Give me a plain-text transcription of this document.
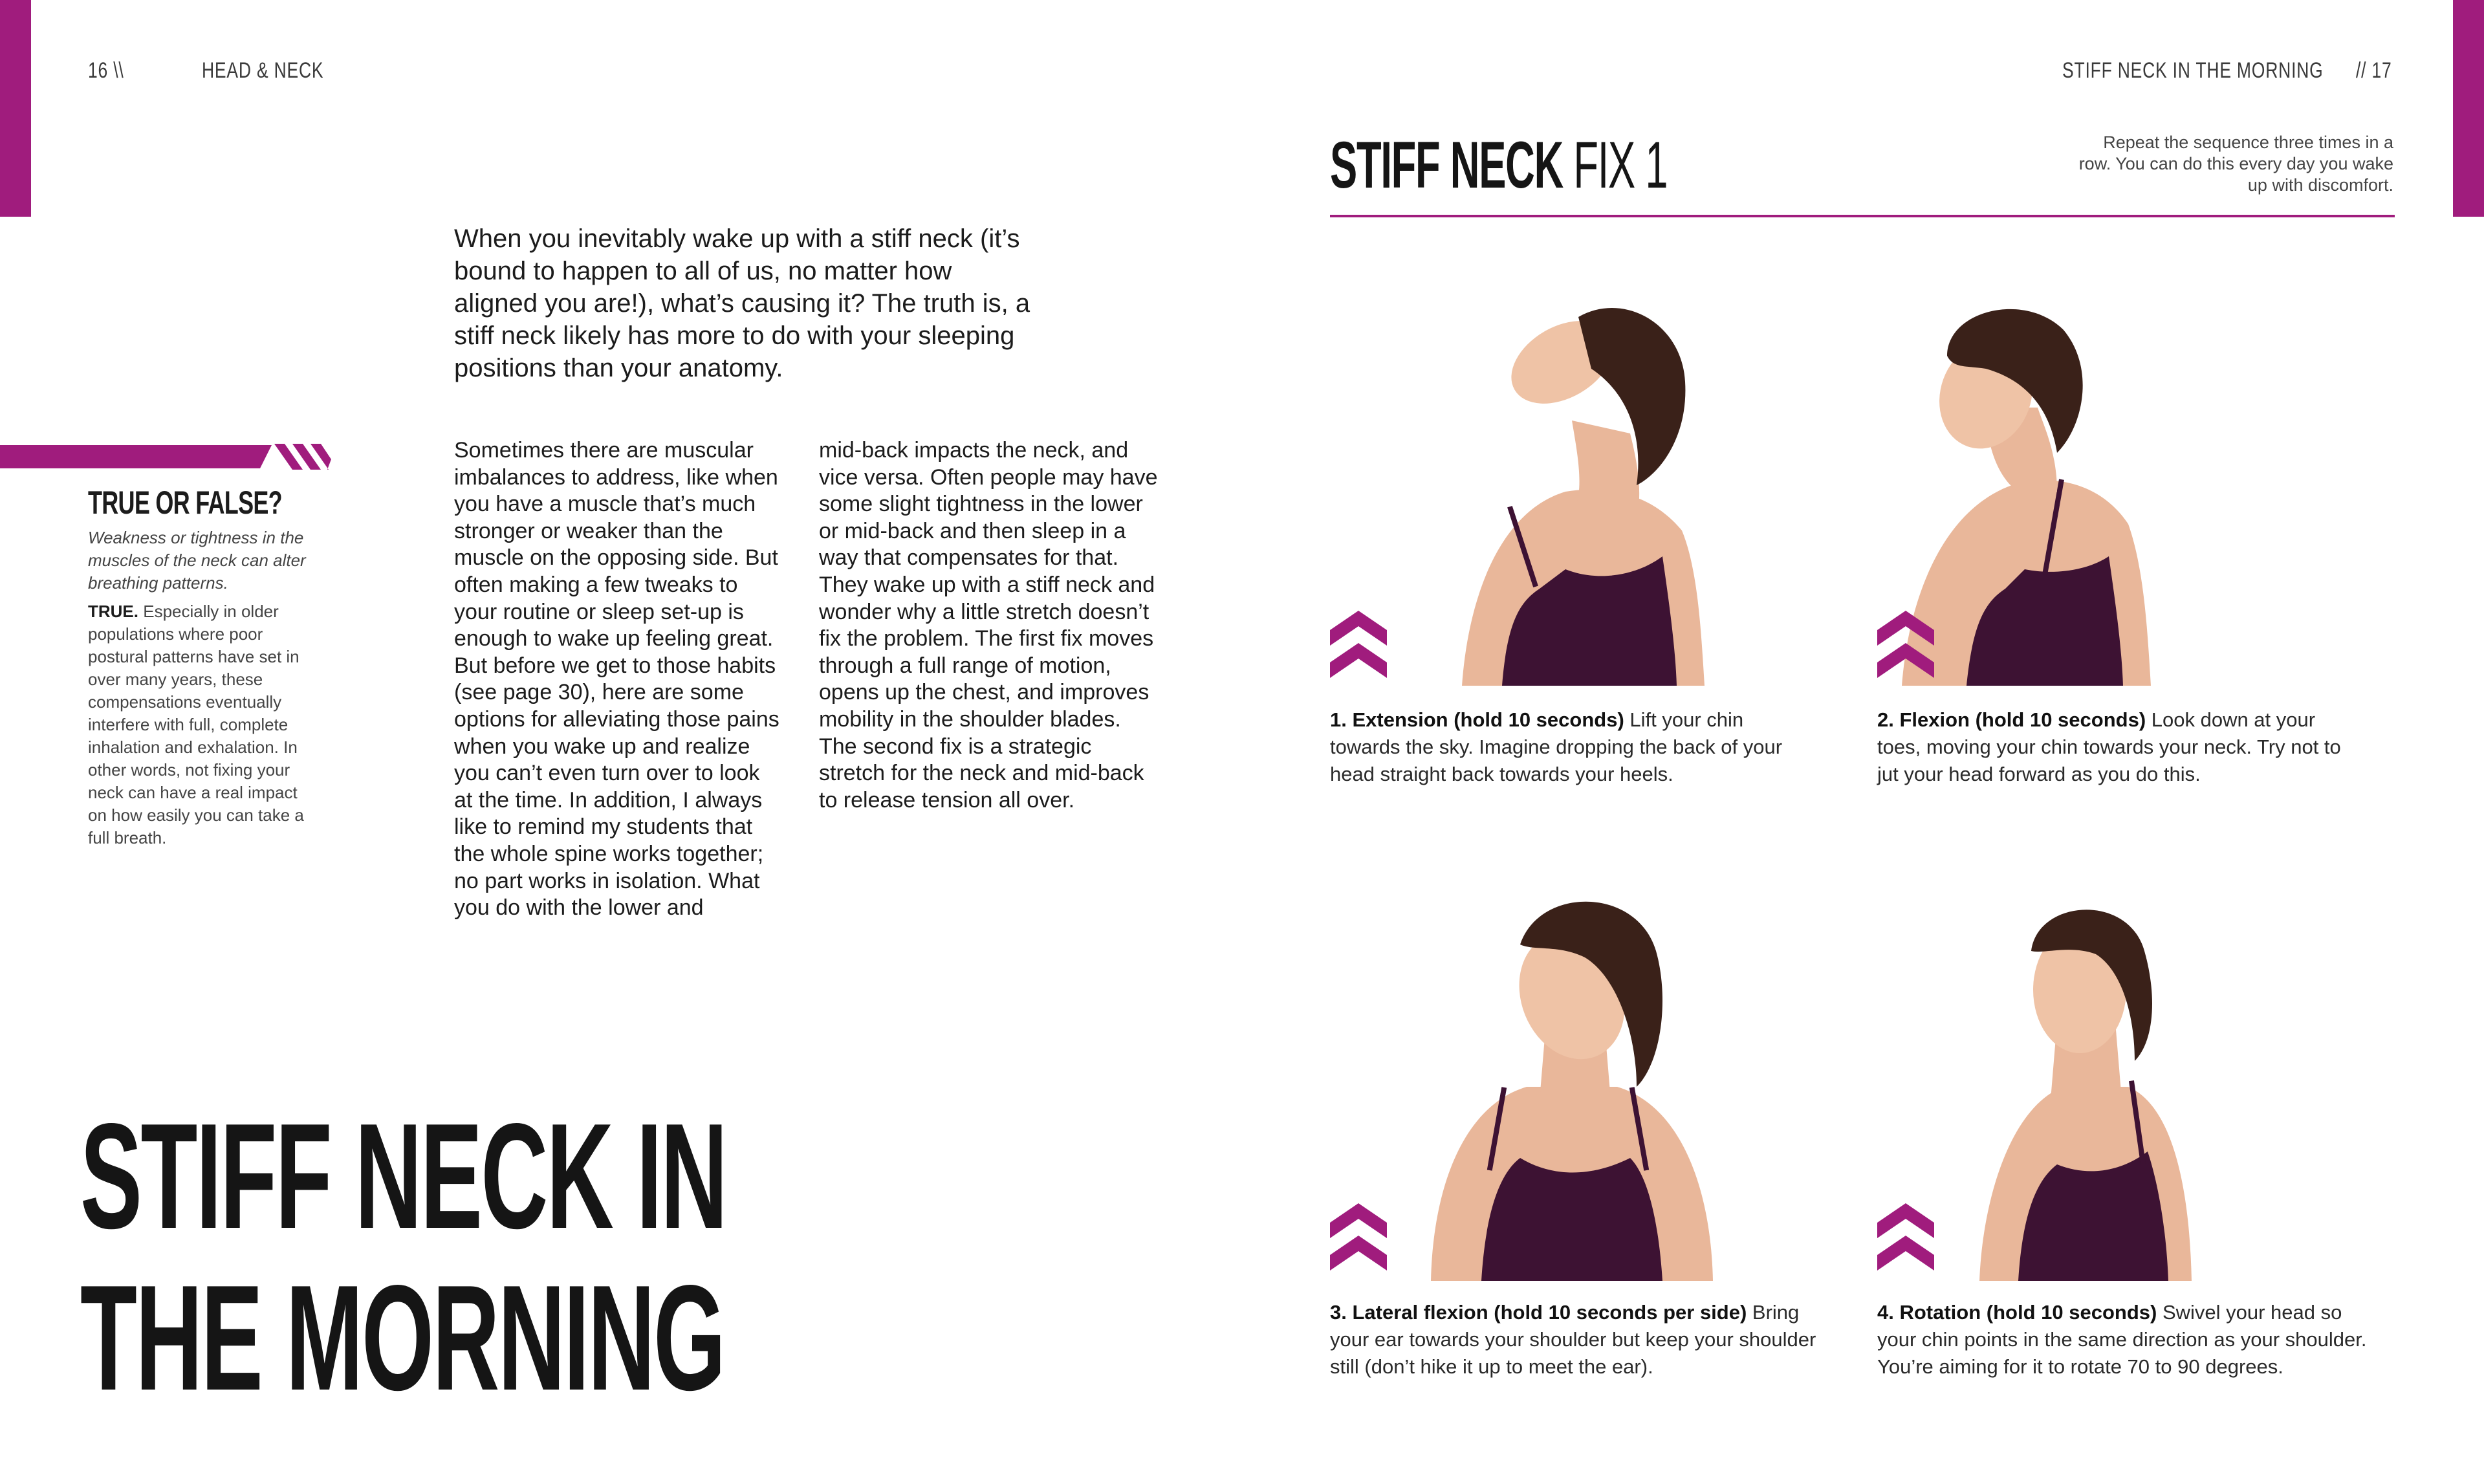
16 \\	HEAD & NECK	STIFF NECK IN THE MORNING // 17
When you inevitably wake up with a stiff neck (it’s bound to happen to all of us, no matter how aligned you are!), what’s causing it? The truth is, a stiff neck likely has more to do with your sleeping positions than your anatomy.
Sometimes there are muscular imbalances to address, like when you have a muscle that’s much stronger or weaker than the muscle on the opposing side. But often making a few tweaks to your routine or sleep set-up is enough to wake up feeling great. But before we get to those habits (see page 30), here are some options for alleviating those pains when you wake up and realize you can’t even turn over to look at the time. In addition, I always like to remind my students that the whole spine works together; no part works in isolation. What you do with the lower and
mid-back impacts the neck, and vice versa. Often people may have some slight tightness in the lower or mid-back and then sleep in a way that compensates for that. They wake up with a stiff neck and wonder why a little stretch doesn’t fix the problem. The first fix moves through a full range of motion, opens up the chest, and improves mobility in the shoulder blades. The second fix is a strategic stretch for the neck and mid-back to release tension all over.
TRUE OR FALSE?
Weakness or tightness in the muscles of the neck can alter breathing patterns.
TRUE. Especially in older populations where poor postural patterns have set in over many years, these compensations eventually interfere with full, complete inhalation and exhalation. In other words, not fixing your neck can have a real impact on how easily you can take a full breath.
STIFF NECK IN
THE MORNING
STIFF NECK FIX 1	Repeat the sequence three times in a row. You can do this every day you wake up with discomfort.
1. Extension (hold 10 seconds) Lift your chin towards the sky. Imagine dropping the back of your head straight back towards your heels.
2. Flexion (hold 10 seconds) Look down at your toes, moving your chin towards your neck. Try not to jut your head forward as you do this.
3. Lateral flexion (hold 10 seconds per side) Bring your ear towards your shoulder but keep your shoulder still (don’t hike it up to meet the ear).
4. Rotation (hold 10 seconds) Swivel your head so your chin points in the same direction as your shoulder. You’re aiming for it to rotate 70 to 90 degrees.
